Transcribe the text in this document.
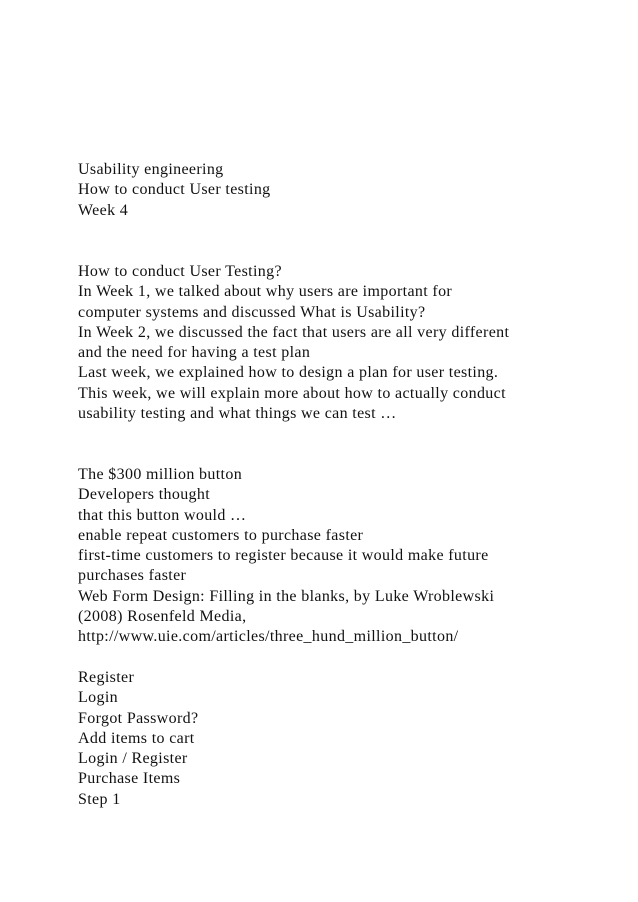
Usability engineering
How to conduct User testing
Week 4
How to conduct User Testing?
In Week 1, we talked about why users are important for
computer systems and discussed What is Usability?
In Week 2, we discussed the fact that users are all very different
and the need for having a test plan
Last week, we explained how to design a plan for user testing.
This week, we will explain more about how to actually conduct
usability testing and what things we can test …
The $300 million button
Developers thought
that this button would …
enable repeat customers to purchase faster
first-time customers to register because it would make future
purchases faster
Web Form Design: Filling in the blanks, by Luke Wroblewski
(2008) Rosenfeld Media,
http://www.uie.com/articles/three_hund_million_button/
Register
Login
Forgot Password?
Add items to cart
Login / Register
Purchase Items
Step 1
